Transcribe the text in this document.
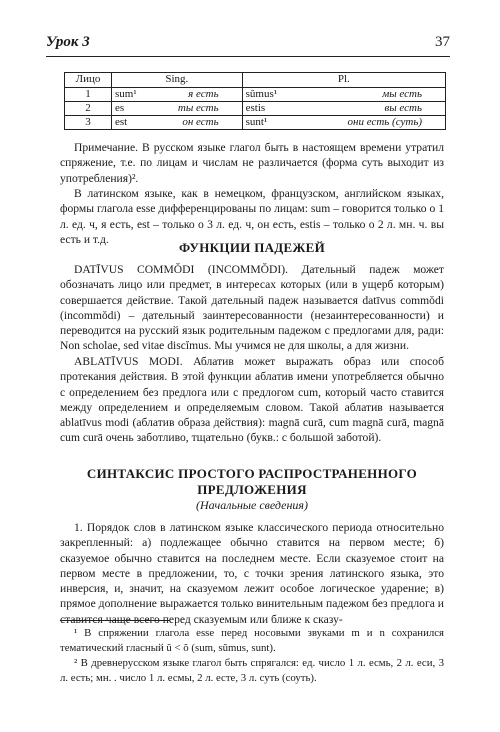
Урок 3	37
Лицо	Sing.	Pl.
1	sum¹ я есть	sŭmus¹ мы есть

2	es ты есть	estis вы есть

3	est он есть	sunt¹ они есть (суть)
Примечание. В русском языке глагол быть в настоящем времени утратил спряжение, т.е. по лицам и числам не различается (форма суть выходит из употребления)².
В латинском языке, как в немецком, французском, английском языках, формы глагола esse дифференцированы по лицам: sum – говорится только о 1 л. ед. ч, я есть, est – только о 3 л. ед. ч, он есть, estis – только о 2 л. мн. ч. вы есть и т.д.
ФУНКЦИИ ПАДЕЖЕЙ
DATĪVUS COMMŎDI (INCOMMŎDI). Дательный падеж может обозначать лицо или предмет, в интересах которых (или в ущерб которым) совершается действие. Такой дательный падеж называется datīvus commŏdi (incommŏdi) – дательный заинтересованности (незаинтересованности) и переводится на русский язык родительным падежом с предлогами для, ради: Non scholae, sed vitae discĭmus. Мы учимся не для школы, а для жизни.
ABLATĪVUS MODI. Аблатив может выражать образ или способ протекания действия. В этой функции аблатив имени употребляется обычно с определением без предлога или с предлогом cum, который часто ставится между определением и определяемым словом. Такой аблатив называется ablatīvus modi (аблатив образа действия): magnā curā, cum magnā curā, magnā cum curā очень заботливо, тщательно (букв.: с большой заботой).
СИНТАКСИС ПРОСТОГО РАСПРОСТРАНЕННОГО
ПРЕДЛОЖЕНИЯ
(Начальные сведения)
1. Порядок слов в латинском языке классического периода относительно закрепленный: а) подлежащее обычно ставится на первом месте; б) сказуемое обычно ставится на последнем месте. Если сказуемое стоит на первом месте в предложении, то, с точки зрения латинского языка, это инверсия, и, значит, на сказуемом лежит особое логическое ударение; в) прямое дополнение выражается только винительным падежом без предлога и ставится чаще всего перед сказуемым или ближе к сказу-
¹ В спряжении глагола esse перед носовыми звуками m и n сохранился тематический гласный ŭ < ŏ (sum, sŭmus, sunt).
² В древнерусском языке глагол быть спрягался: ед. число 1 л. есмь, 2 л. еси, 3 л. есть; мн. . число 1 л. есмы, 2 л. есте, 3 л. суть (соуть).
